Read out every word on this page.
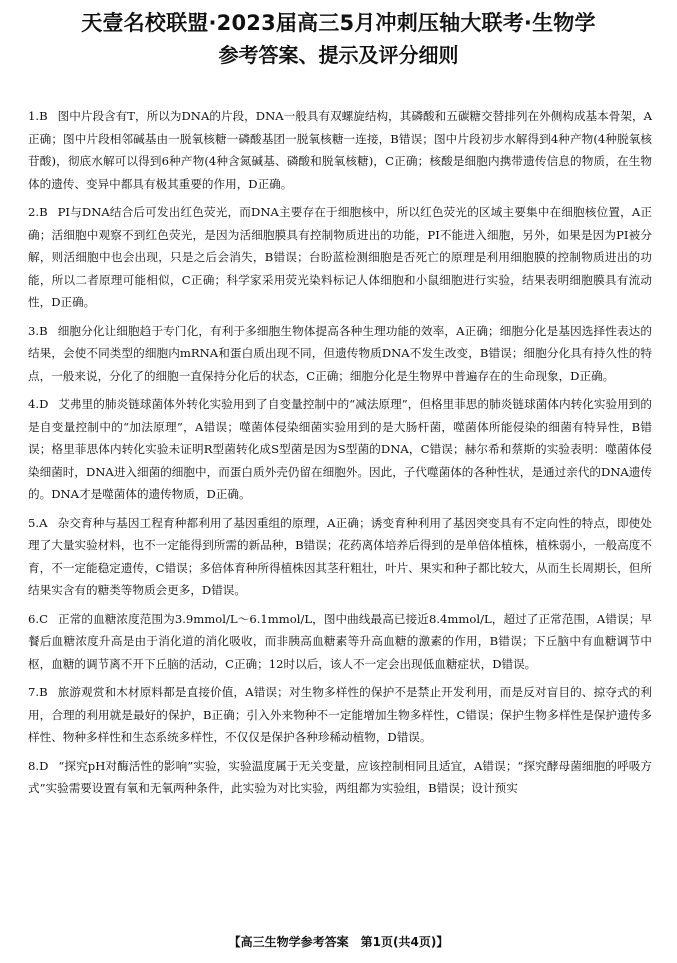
天壹名校联盟·2023届高三5月冲刺压轴大联考·生物学
参考答案、提示及评分细则

1.B 图中片段含有T，所以为DNA的片段，DNA一般具有双螺旋结构，其磷酸和五碳糖交替排列在外侧构成基本骨架，A正确；图中片段相邻碱基由一脱氧核糖一磷酸基团一脱氧核糖一连接，B错误；图中片段初步水解得到4种产物(4种脱氧核苷酸)，彻底水解可以得到6种产物(4种含氮碱基、磷酸和脱氧核糖)，C正确；核酸是细胞内携带遗传信息的物质，在生物体的遗传、变异中都具有极其重要的作用，D正确。

2.B PI与DNA结合后可发出红色荧光，而DNA主要存在于细胞核中，所以红色荧光的区域主要集中在细胞核位置，A正确；活细胞中观察不到红色荧光，是因为活细胞膜具有控制物质进出的功能，PI不能进入细胞，另外，如果是因为PI被分解，则活细胞中也会出现，只是之后会消失，B错误；台盼蓝检测细胞是否死亡的原理是利用细胞膜的控制物质进出的功能，所以二者原理可能相似，C正确；科学家采用荧光染料标记人体细胞和小鼠细胞进行实验，结果表明细胞膜具有流动性，D正确。

3.B 细胞分化让细胞趋于专门化，有利于多细胞生物体提高各种生理功能的效率，A正确；细胞分化是基因选择性表达的结果，会使不同类型的细胞内mRNA和蛋白质出现不同，但遗传物质DNA不发生改变，B错误；细胞分化具有持久性的特点，一般来说，分化了的细胞一直保持分化后的状态，C正确；细胞分化是生物界中普遍存在的生命现象，D正确。

4.D 艾弗里的肺炎链球菌体外转化实验用到了自变量控制中的“减法原理”，但格里菲思的肺炎链球菌体内转化实验用到的是自变量控制中的“加法原理”，A错误；噬菌体侵染细菌实验用到的是大肠杆菌，噬菌体所能侵染的细菌有特异性，B错误；格里菲思体内转化实验未证明R型菌转化成S型菌是因为S型菌的DNA，C错误；赫尔希和蔡斯的实验表明：噬菌体侵染细菌时，DNA进入细菌的细胞中，而蛋白质外壳仍留在细胞外。因此，子代噬菌体的各种性状，是通过亲代的DNA遗传的。DNA才是噬菌体的遗传物质，D正确。

5.A 杂交育种与基因工程育种都利用了基因重组的原理，A正确；诱变育种利用了基因突变具有不定向性的特点，即使处理了大量实验材料，也不一定能得到所需的新品种，B错误；花药离体培养后得到的是单倍体植株，植株弱小，一般高度不育，不一定能稳定遗传，C错误；多倍体育种所得植株因其茎秆粗壮，叶片、果实和种子都比较大，从而生长周期长，但所结果实含有的糖类等物质会更多，D错误。

6.C 正常的血糖浓度范围为3.9mmol/L～6.1mmol/L，图中曲线最高已接近8.4mmol/L，超过了正常范围，A错误；早餐后血糖浓度升高是由于消化道的消化吸收，而非胰高血糖素等升高血糖的激素的作用，B错误；下丘脑中有血糖调节中枢，血糖的调节离不开下丘脑的活动，C正确；12时以后，该人不一定会出现低血糖症状，D错误。

7.B 旅游观赏和木材原料都是直接价值，A错误；对生物多样性的保护不是禁止开发利用，而是反对盲目的、掠夺式的利用，合理的利用就是最好的保护，B正确；引入外来物种不一定能增加生物多样性，C错误；保护生物多样性是保护遗传多样性、物种多样性和生态系统多样性，不仅仅是保护各种珍稀动植物，D错误。

8.D “探究pH对酶活性的影响”实验，实验温度属于无关变量，应该控制相同且适宜，A错误；“探究酵母菌细胞的呼吸方式”实验需要设置有氧和无氧两种条件，此实验为对比实验，两组都为实验组，B错误；设计预实

【高三生物学参考答案　第1页(共4页)】
